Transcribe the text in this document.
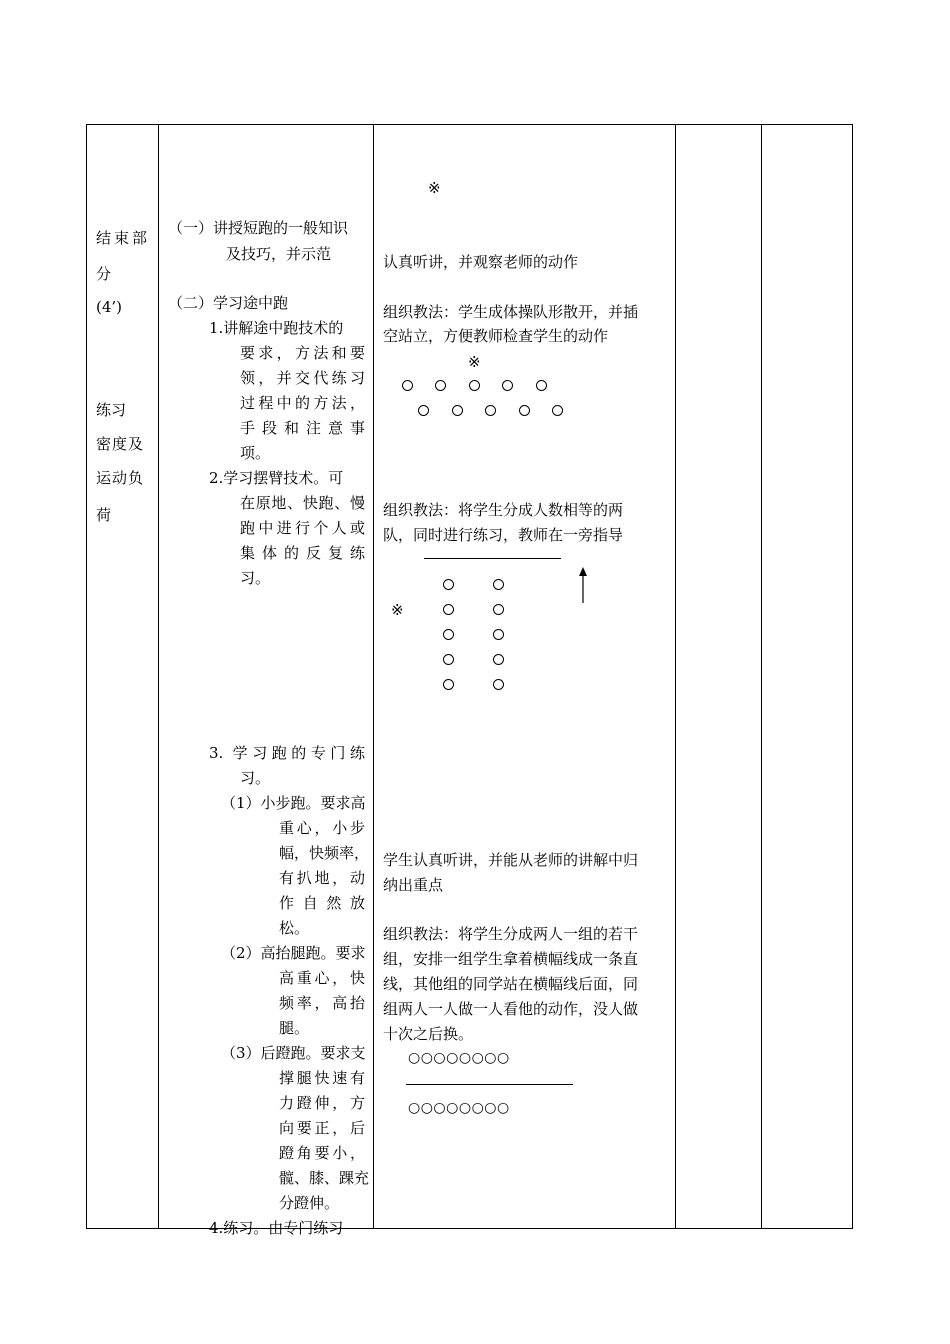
结束部
分
(4’)
练习
密度及
运动负
荷
（一）讲授短跑的一般知识
及技巧，并示范
（二）学习途中跑
1.讲解途中跑技术的
要求，方法和要
领，并交代练习
过程中的方法，
手段和注意事
项。
2.学习摆臂技术。可
在原地、快跑、慢
跑中进行个人或
集体的反复练
习。
3. 学习跑的专门练
习。
（1）小步跑。要求高
重心，小步
幅，快频率，
有扒地，动
作自然放
松。
（2）高抬腿跑。要求
高重心，快
频率，高抬
腿。
（3）后蹬跑。要求支
撑腿快速有
力蹬伸，方
向要正，后
蹬角要小，
髋、膝、踝充
分蹬伸。
4.练习。由专门练习
※
认真听讲，并观察老师的动作
组织教法：学生成体操队形散开，并插
空站立，方便教师检查学生的动作
※
组织教法：将学生分成人数相等的两
队，同时进行练习，教师在一旁指导
※
学生认真听讲，并能从老师的讲解中归
纳出重点
组织教法：将学生分成两人一组的若干
组，安排一组学生拿着横幅线成一条直
线，其他组的同学站在横幅线后面，同
组两人一人做一人看他的动作，没人做
十次之后换。
○○○○○○○○
○○○○○○○○
